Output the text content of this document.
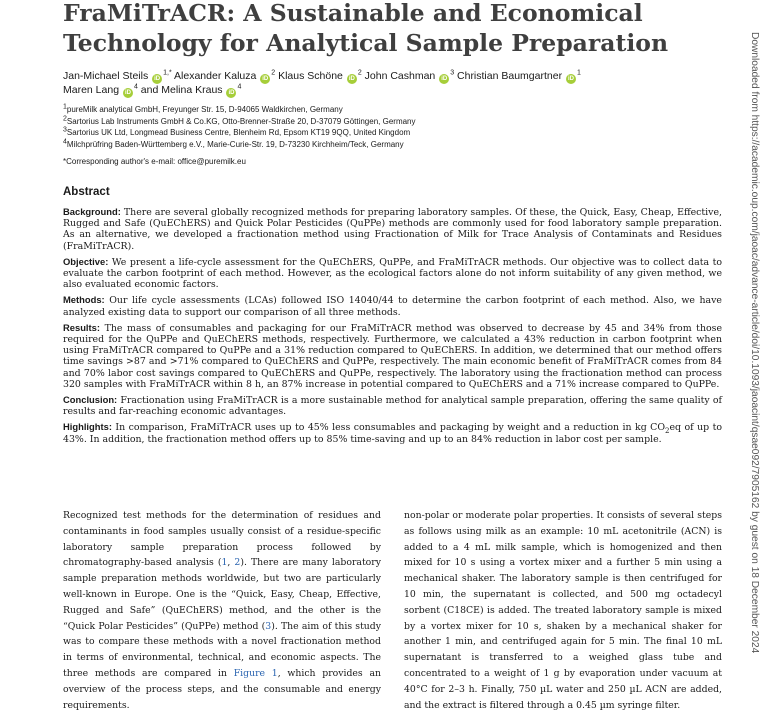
FraMiTrACR: A Sustainable and Economical Technology for Analytical Sample Preparation
Jan-Michael Steils $iD^{1,*}$ Alexander Kaluza $iD^2$ Klaus Schöne $iD^2$ John Cashman $iD^3$ Christian Baumgartner $iD^1$
Maren Lang $iD^4$ and Melina Kraus $iD^4$
$^1$pureMilk analytical GmbH, Freyunger Str. 15, D-94065 Waldkirchen, Germany
$^2$Sartorius Lab Instruments GmbH & Co.KG, Otto-Brenner-Straße 20, D-37079 Göttingen, Germany
$^3$Sartorius UK Ltd, Longmead Business Centre, Blenheim Rd, Epsom KT19 9QQ, United Kingdom
$^4$Milchprüfring Baden-Württemberg e.V., Marie-Curie-Str. 19, D-73230 Kirchheim/Teck, Germany
*Corresponding author's e-mail: office@puremilk.eu
Abstract

Background: There are several globally recognized methods for preparing laboratory samples. Of these, the Quick, Easy, Cheap, Effective, Rugged and Safe (QuEChERS) and Quick Polar Pesticides (QuPPe) methods are commonly used for food laboratory sample preparation. As an alternative, we developed a fractionation method using Fractionation of Milk for Trace Analysis of Contaminats and Residues (FraMiTrACR).

Objective: We present a life-cycle assessment for the QuEChERS, QuPPe, and FraMiTrACR methods. Our objective was to collect data to evaluate the carbon footprint of each method. However, as the ecological factors alone do not inform suitability of any given method, we also evaluated economic factors.

Methods: Our life cycle assessments (LCAs) followed ISO 14040/44 to determine the carbon footprint of each method. Also, we have analyzed existing data to support our comparison of all three methods.

Results: The mass of consumables and packaging for our FraMiTrACR method was observed to decrease by 45 and 34% from those required for the QuPPe and QuEChERS methods, respectively. Furthermore, we calculated a 43% reduction in carbon footprint when using FraMiTrACR compared to QuPPe and a 31% reduction compared to QuEChERS. In addition, we determined that our method offers time savings >87 and >71% compared to QuEChERS and QuPPe, respectively. The main economic benefit of FraMiTrACR comes from 84 and 70% labor cost savings compared to QuEChERS and QuPPe, respectively. The laboratory using the fractionation method can process 320 samples with FraMiTrACR within 8 h, an 87% increase in potential compared to QuEChERS and a 71% increase compared to QuPPe.

Conclusion: Fractionation using FraMiTrACR is a more sustainable method for analytical sample preparation, offering the same quality of results and far-reaching economic advantages.

Highlights: In comparison, FraMiTrACR uses up to 45% less consumables and packaging by weight and a reduction in kg $CO_2eq$ of up to 43%. In addition, the fractionation method offers up to 85% time-saving and up to an 84% reduction in labor cost per sample.

Recognized test methods for the determination of residues and contaminants in food samples usually consist of a residue-specific laboratory sample preparation process followed by chromatography-based analysis (1, 2). There are many laboratory sample preparation methods worldwide, but two are particularly well-known in Europe. One is the “Quick, Easy, Cheap, Effective, Rugged and Safe” (QuEChERS) method, and the other is the “Quick Polar Pesticides” (QuPPe) method (3). The aim of this study was to compare these methods with a novel fractionation method in terms of environmental, technical, and economic aspects. The three methods are compared in Figure 1, which provides an overview of the process steps, and the consumable and energy requirements.

non-polar or moderate polar properties. It consists of several steps as follows using milk as an example: 10 mL acetonitrile (ACN) is added to a 4 mL milk sample, which is homogenized and then mixed for 10 s using a vortex mixer and a further 5 min using a mechanical shaker. The laboratory sample is then centrifuged for 10 min, the supernatant is collected, and 500 mg octadecyl sorbent (C18CE) is added. The treated laboratory sample is mixed by a vortex mixer for 10 s, shaken by a mechanical shaker for another 1 min, and centrifuged again for 5 min. The final 10 mL supernatant is transferred to a weighed glass tube and concentrated to a weight of 1 g by evaporation under vacuum at 40°C for 2–3 h. Finally, 750 µL water and 250 µL ACN are added, and the extract is filtered through a 0.45 µm syringe filter.

Downloaded from https://academic.oup.com/jaoac/advance-article/doi/10.1093/jaoacint/qsae092/7905162 by guest on 18 December 2024
